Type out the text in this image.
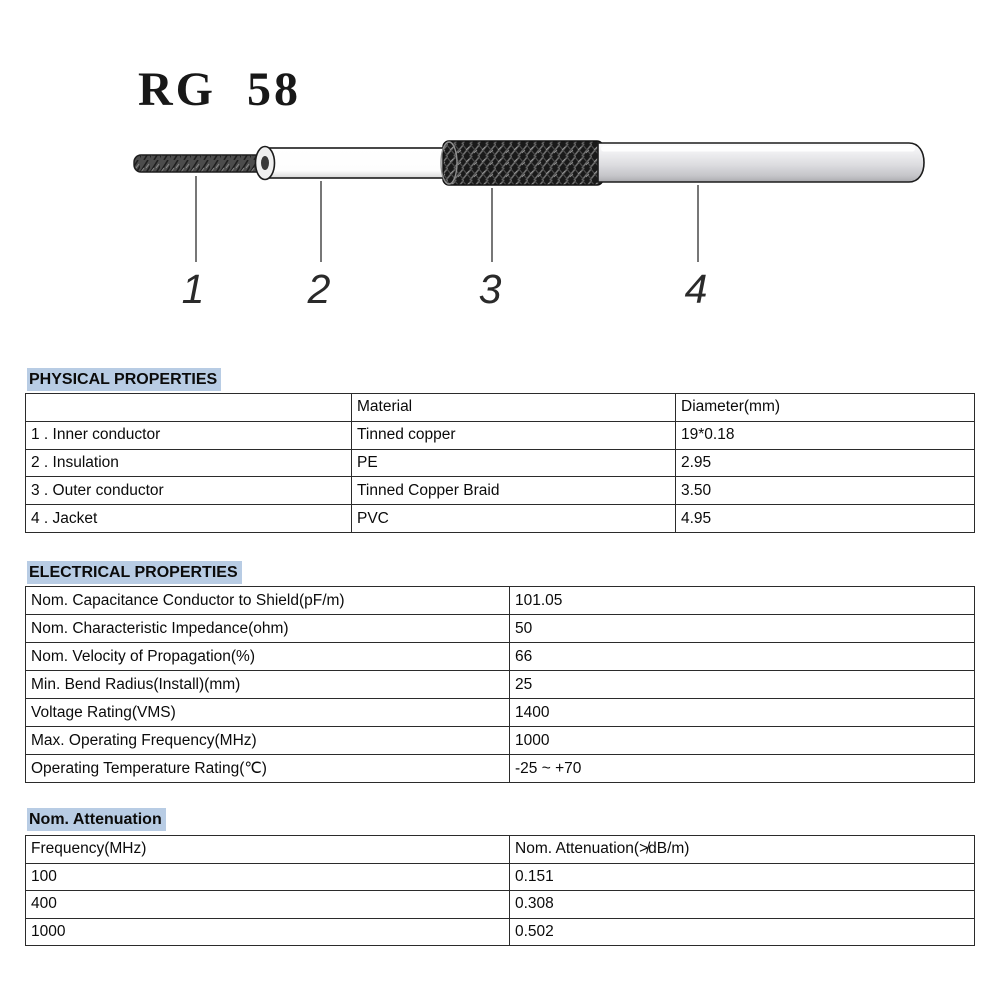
RG 58
1	2	3	4
PHYSICAL PROPERTIES
	Material	Diameter(mm)
1 . Inner conductor	Tinned copper	19*0.18
2 . Insulation	PE	2.95
3 . Outer conductor	Tinned Copper Braid	3.50
4 . Jacket	PVC	4.95
ELECTRICAL PROPERTIES
Nom. Capacitance Conductor to Shield(pF/m)	101.05
Nom. Characteristic Impedance(ohm)	50
Nom. Velocity of Propagation(%)	66
Min. Bend Radius(Install)(mm)	25
Voltage Rating(VMS)	1400
Max. Operating Frequency(MHz)	1000
Operating Temperature Rating(℃)	-25 ~ +70
Nom. Attenuation
Frequency(MHz)	Nom. Attenuation(≯dB/m)
100	0.151
400	0.308
1000	0.502
